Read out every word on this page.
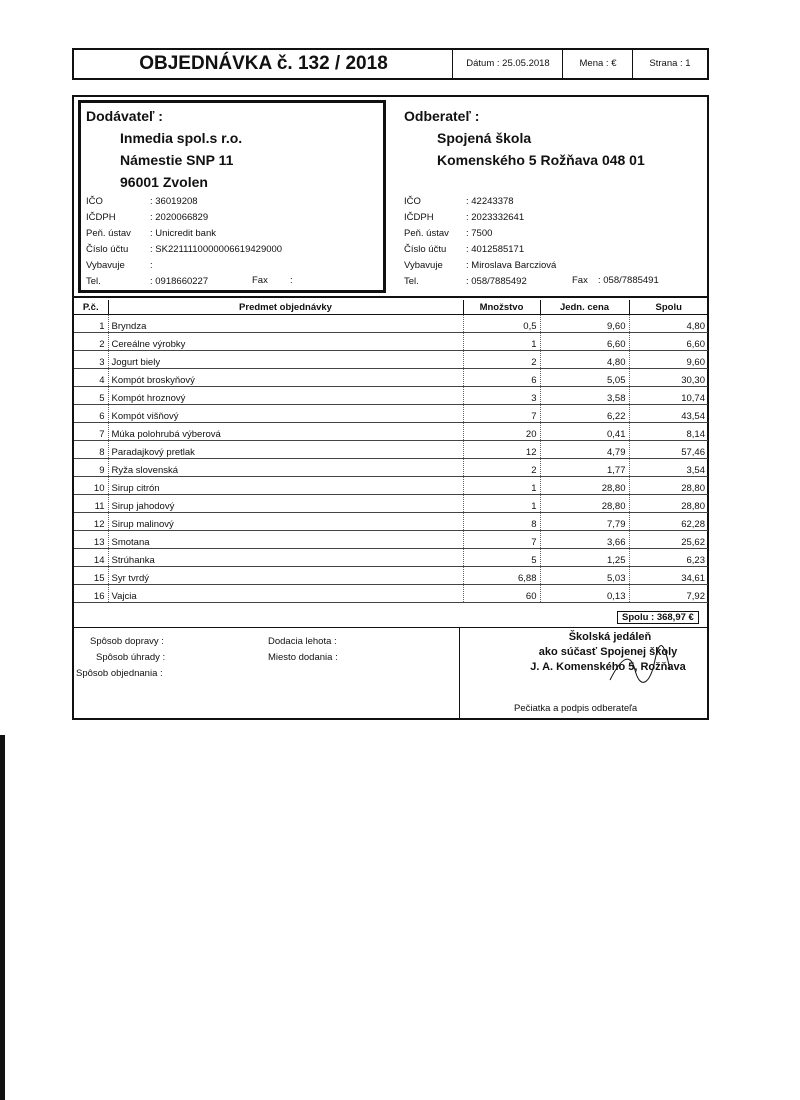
OBJEDNÁVKA č. 132 / 2018	Dátum : 25.05.2018	Mena : €	Strana : 1
Dodávateľ :
Inmedia spol.s r.o.
Námestie SNP 11
96001 Zvolen
IČO	: 36019208
IČDPH	: 2020066829
Peň. ústav : Unicredit bank
Číslo účtu : SK2211110000006619429000
Vybavuje	:
Tel.	: 0918660227	Fax :
Odberateľ :
Spojená škola
Komenského 5 Rožňava 048 01
IČO	: 42243378
IČDPH	: 2023332641
Peň. ústav : 7500
Číslo účtu : 4012585171
Vybavuje : Miroslava Barcziová
Tel.	: 058/7885492	Fax : 058/7885491
P.č.	Predmet objednávky	Množstvo	Jedn. cena	Spolu
1	Bryndza	0,5	9,60	4,80
2	Cereálne výrobky	1	6,60	6,60
3	Jogurt biely	2	4,80	9,60
4	Kompót broskyňový	6	5,05	30,30
5	Kompót hroznový	3	3,58	10,74
6	Kompót višňový	7	6,22	43,54
7	Múka polohrubá výberová	20	0,41	8,14
8	Paradajkový pretlak	12	4,79	57,46
9	Ryža slovenská	2	1,77	3,54
10	Sirup citrón	1	28,80	28,80
11	Sirup jahodový	1	28,80	28,80
12	Sirup malinový	8	7,79	62,28
13	Smotana	7	3,66	25,62
14	Strúhanka	5	1,25	6,23
15	Syr tvrdý	6,88	5,03	34,61
16	Vajcia	60	0,13	7,92
Spolu : 368,97 €
Spôsob dopravy :
Spôsob úhrady :
Spôsob objednania :
Dodacia lehota :
Miesto dodania :
Školská jedáleň
ako súčasť Spojenej školy
J. A. Komenského 5, Rožňava
Pečiatka a podpis odberateľa
